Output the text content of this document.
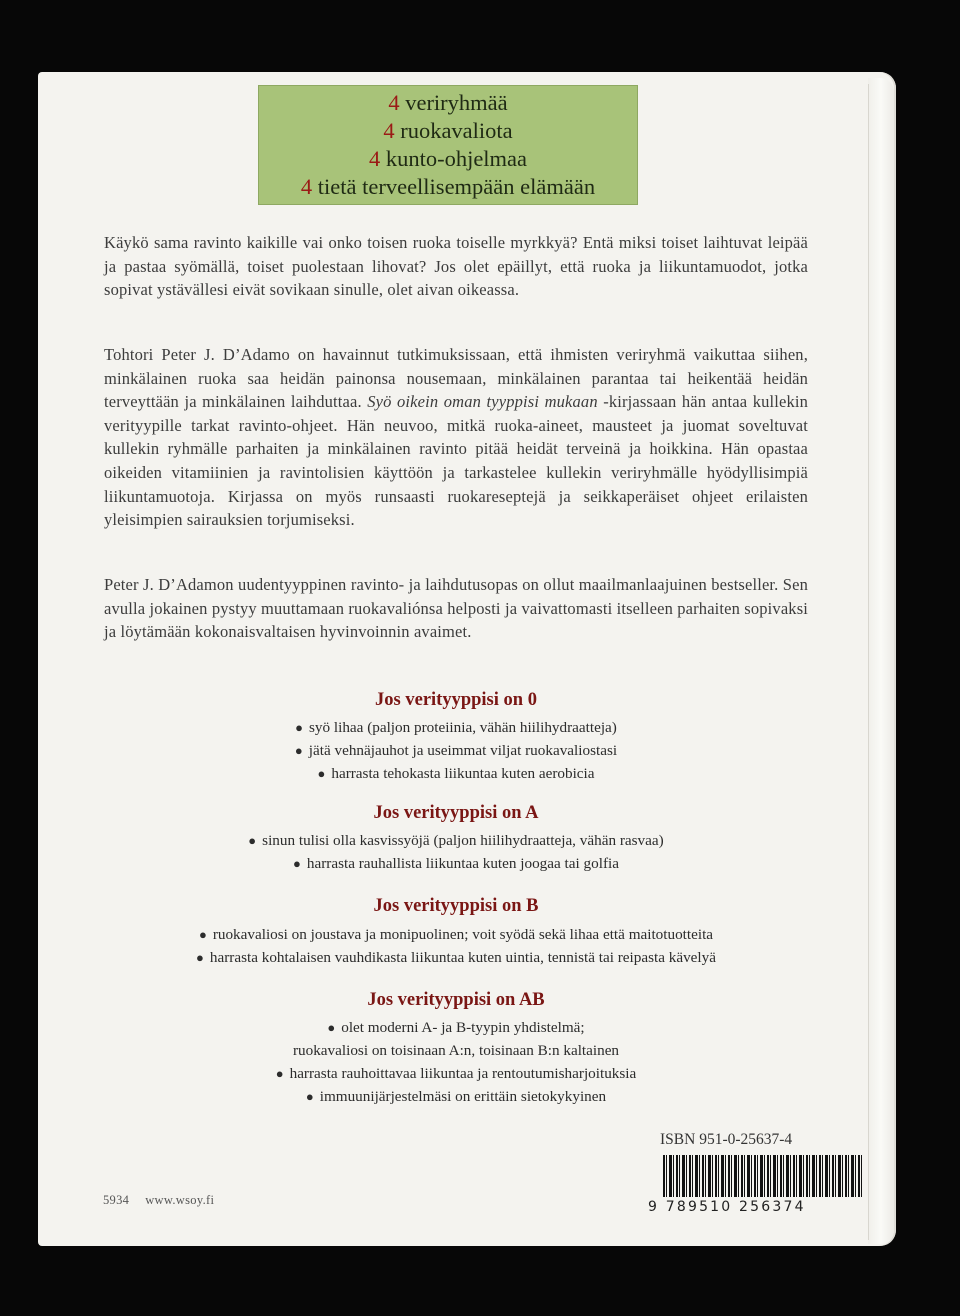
4 veriryhmää
4 ruokavaliota
4 kunto-ohjelmaa
4 tietä terveellisempään elämään

Käykö sama ravinto kaikille vai onko toisen ruoka toiselle myrkkyä? Entä miksi toiset laihtuvat leipää ja pastaa syömällä, toiset puolestaan lihovat? Jos olet epäillyt, että ruoka ja liikuntamuodot, jotka sopivat ystävällesi eivät sovikaan sinulle, olet aivan oikeassa.

Tohtori Peter J. D’Adamo on havainnut tutkimuksissaan, että ihmisten veriryhmä vaikuttaa siihen, minkälainen ruoka saa heidän painonsa nousemaan, minkälainen parantaa tai heikentää heidän terveyttään ja minkälainen laihduttaa. Syö oikein oman tyyppisi mukaan -kirjassaan hän antaa kullekin verityypille tarkat ravinto-ohjeet. Hän neuvoo, mitkä ruoka-aineet, mausteet ja juomat soveltuvat kullekin ryhmälle parhaiten ja minkälainen ravinto pitää heidät terveinä ja hoikkina. Hän opastaa oikeiden vitamiinien ja ravintolisien käyttöön ja tarkastelee kullekin veriryhmälle hyödyllisimpiä liikuntamuotoja. Kirjassa on myös runsaasti ruokareseptejä ja seikkaperäiset ohjeet erilaisten yleisimpien sairauksien torjumiseksi.

Peter J. D’Adamon uudentyyppinen ravinto- ja laihdutusopas on ollut maailmanlaajuinen bestseller. Sen avulla jokainen pystyy muuttamaan ruokavaliónsa helposti ja vaivattomasti itselleen parhaiten sopivaksi ja löytämään kokonaisvaltaisen hyvinvoinnin avaimet.

Jos verityyppisi on 0
● syö lihaa (paljon proteiinia, vähän hiilihydraatteja)
● jätä vehnäjauhot ja useimmat viljat ruokavaliostasi
● harrasta tehokasta liikuntaa kuten aerobicia
Jos verityyppisi on A
● sinun tulisi olla kasvissyöjä (paljon hiilihydraatteja, vähän rasvaa)
● harrasta rauhallista liikuntaa kuten joogaa tai golfia
Jos verityyppisi on B
● ruokavaliosi on joustava ja monipuolinen; voit syödä sekä lihaa että maitotuotteita
● harrasta kohtalaisen vauhdikasta liikuntaa kuten uintia, tennistä tai reipasta kävelyä
Jos verityyppisi on AB
● olet moderni A- ja B-tyypin yhdistelmä;
ruokavaliosi on toisinaan A:n, toisinaan B:n kaltainen
● harrasta rauhoittavaa liikuntaa ja rentoutumisharjoituksia
● immuunijärjestelmäsi on erittäin sietokykyinen
ISBN 951-0-25637-4
9 789510 256374
5934 www.wsoy.fi
